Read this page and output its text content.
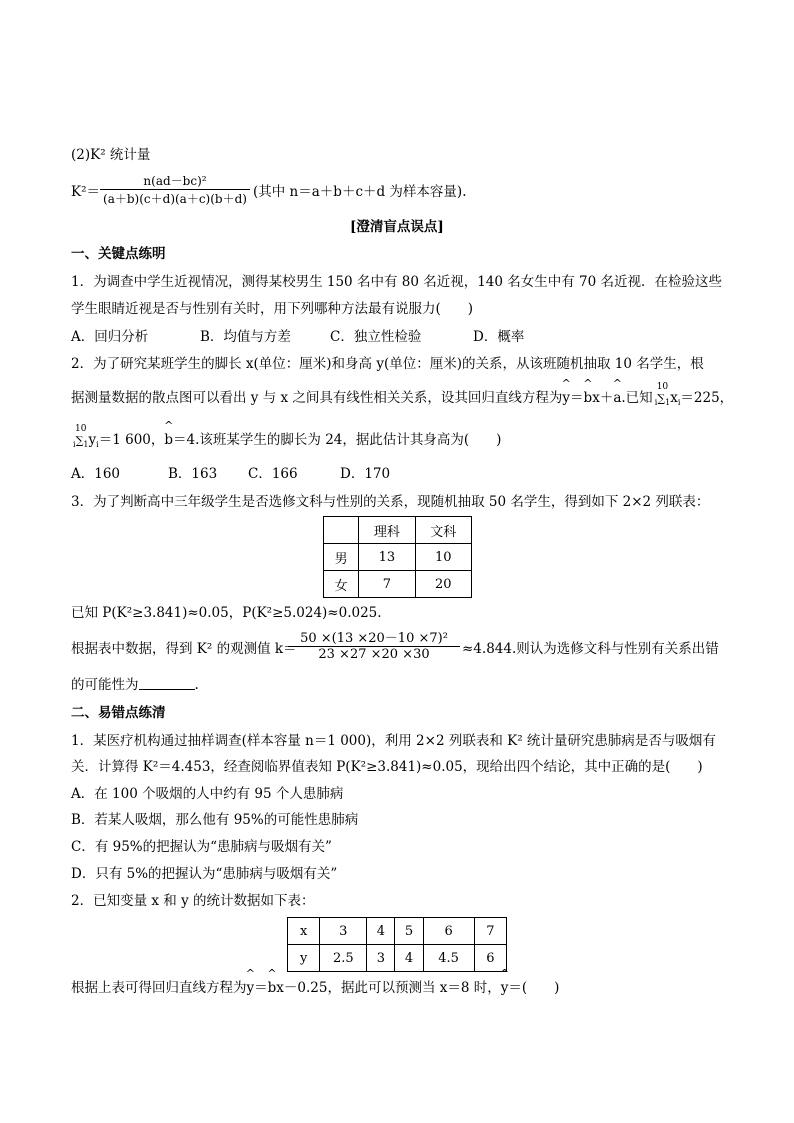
(2)K² 统计量
K²＝
n(ad－bc)²
(a＋b)(c＋d)(a＋c)(b＋d) (其中 n＝a＋b＋c＋d 为样本容量).
[澄清盲点误点]
一、关键点练明
1．为调查中学生近视情况，测得某校男生 150 名中有 80 名近视，140 名女生中有 70 名近视．在检验这些
学生眼睛近视是否与性别有关时，用下列哪种方法最有说服力(　　)
A．回归分析	B．均值与方差	C．独立性检验	D．概率
2．为了研究某班学生的脚长 x(单位：厘米)和身高 y(单位：厘米)的关系，从该班随机抽取 10 名学生，根
据测量数据的散点图可以看出 y 与 x 之间具有线性相关关系，设其回归直线方程为
^
y＝
^
bx＋
^
a.已知
10
$_i\sum_1x_i=225$，
10
$_i\sum_1y_i=1$ 600，
^
b＝4.该班某学生的脚长为 24，据此估计其身高为(　　)
A．160	B．163 C．166	D．170
3．为了判断高中三年级学生是否选修文科与性别的关系，现随机抽取 50 名学生，得到如下 2×2 列联表：
	理科	文科
男	13	10
女	7	20
已知 P(K²≥3.841)≈0.05，P(K²≥5.024)≈0.025.
根据表中数据，得到 K² 的观测值 k＝
50 ×(13 ×20－10 ×7)²
23 ×27 ×20 ×30	≈4.844.则认为选修文科与性别有关系出错
的可能性为	.
二、易错点练清
1．某医疗机构通过抽样调查(样本容量 n＝1 000)，利用 2×2 列联表和 K² 统计量研究患肺病是否与吸烟有
关．计算得 K²＝4.453，经查阅临界值表知 P(K²≥3.841)≈0.05，现给出四个结论，其中正确的是(　　)
A．在 100 个吸烟的人中约有 95 个人患肺病
B．若某人吸烟，那么他有 95%的可能性患肺病
C．有 95%的把握认为“患肺病与吸烟有关”
D．只有 5%的把握认为“患肺病与吸烟有关”
2．已知变量 x 和 y 的统计数据如下表：
x	3	4	5	6	7
y	2.5	3	4	4.5	6
根据上表可得回归直线方程为
^
y＝
^
bx－0.25，据此可以预测当 x＝8 时，
^
y＝(　　)
